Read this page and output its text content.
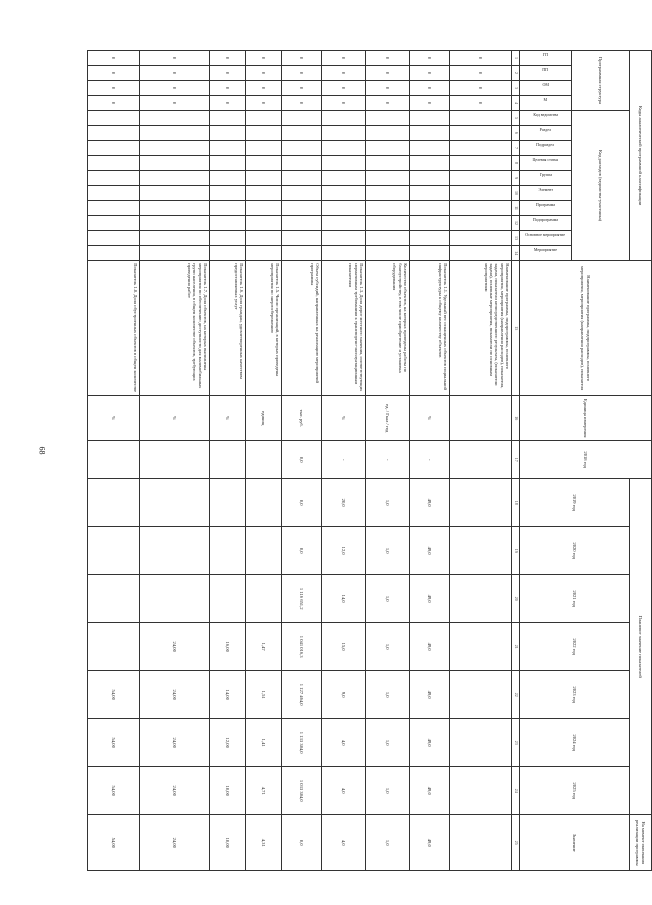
68
Коды аналитической программной классификации														Наименование программы, подпрограммы, основного мероприятия, мероприятия (направления расходов), показателя	Единица измерения	2018 год	Плановое значение показателей							На момент окончания реализации программы
Программная структура				Код расходов (ведомства-участника)													2019 год	2020 год	2021 год	2022 год	2023 год	2024 год	2025 год	Значение

ГП	ПП	ОМ	М	Код ведомства	Раздел	Подраздел	Целевая статья	Группа	Элемент	Программа	Подпрограмма	Основное мероприятие	Мероприятие											

1	2	3	4	5	6	7	8	9	10	11	12	13	14	15	16	17	18	19	20	21	22	23	24	25
0	0	0	0											Наименование программы, подпрограммы, основного мероприятия, мероприятия (направления расходов), показателя, задачи, показатели непосредственного результата, (показатели задачи), основные мероприятия, показатели по основным мероприятиям										
0	0	0	0											Показатель 1.1. Удельный вес оснащенных объектов социальной инфраструктуры к общему количеству объектов	%	-	49,0	49,0	49,0	49,0	49,0	49,0	49,0	49,0
0	0	0	0											Количество объектов, на которых проведены работы по благоустройству, в том числе приобретение и установка оборудования	ед. / Гкал / год	-	1,0	1,0	1,0	1,0	1,0	1,0	1,0	1,0
0	0	0	0											Показатель 1.3. Доля дорог местного значения, соответствующих нормативным требованиям к транспортно-эксплуатационным показателям	%	-	20,0	12,0	14,0	15,0	9,0	4,0	4,0	4,0
0	0	0	0											Объем субсидий, направленных на реализацию мероприятий программы	тыс. руб.	0,0	0,0	0,0	1 116 651,2	1 041 016,3	1 127 464,0	1 133 384,0	1 033 384,0	0,0
0	0	0	0											Показатель 1.5. Число организаций, в которых проведены мероприятия по энергосбережению	единиц					1,47	1,51	1,41	4,71	4,31
0	0	0	0											Показатель 1.6. Доля граждан, удовлетворенных качеством предоставляемых услуг	%					16,00	14,00	12,00	10,00	10,00
0	0	0	0											Показатель 1.7. Доля объектов, на которых выполнены мероприятия по обеспечению доступности для маломобильных групп населения, в общем количестве объектов, требующих проведения работ	%					24,00	24,00	24,00	24,00	24,00
0	0	0	0											Показатель 1.8. Доля обустроенных объектов в общем количестве	%						54,00	54,00	54,00	54,00
